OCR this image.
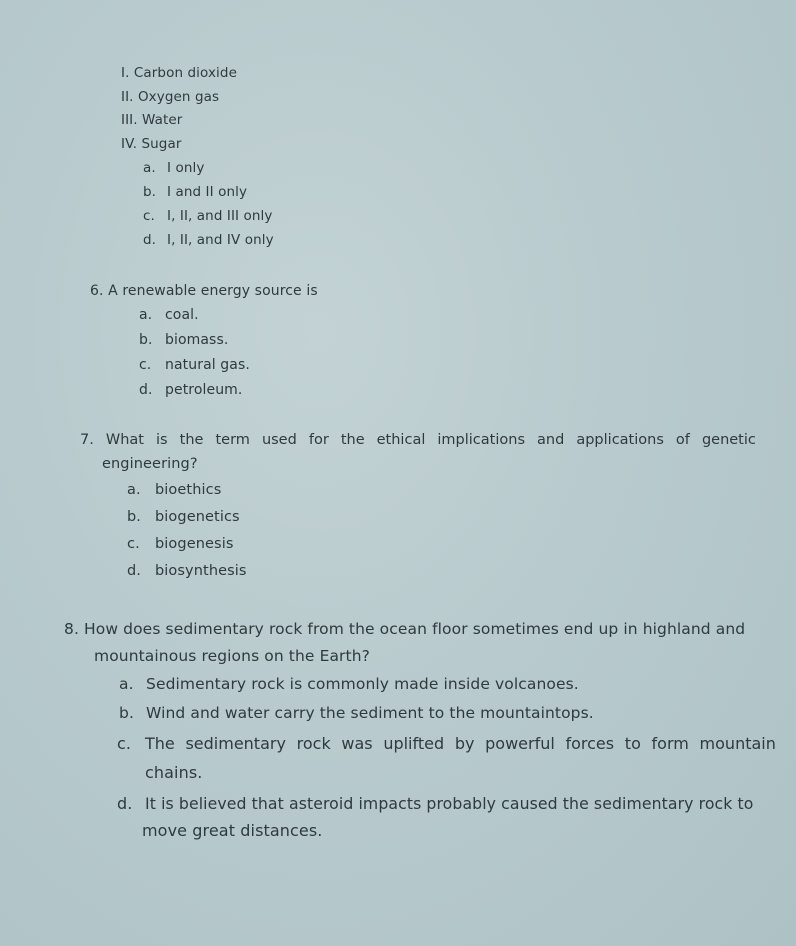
I. Carbon dioxide
II. Oxygen gas
III. Water
IV. Sugar
a. I only
b. I and II only
c. I, II, and III only
d. I, II, and IV only
6. A renewable energy source is
a. coal.
b. biomass.
c. natural gas.
d. petroleum.
7. What is the term used for the ethical implications and applications of genetic
engineering?
a. bioethics
b. biogenetics
c. biogenesis
d. biosynthesis
8. How does sedimentary rock from the ocean floor sometimes end up in highland and
mountainous regions on the Earth?
a. Sedimentary rock is commonly made inside volcanoes.
b. Wind and water carry the sediment to the mountaintops.
c. The sedimentary rock was uplifted by powerful forces to form mountain
chains.
d. It is believed that asteroid impacts probably caused the sedimentary rock to
move great distances.
